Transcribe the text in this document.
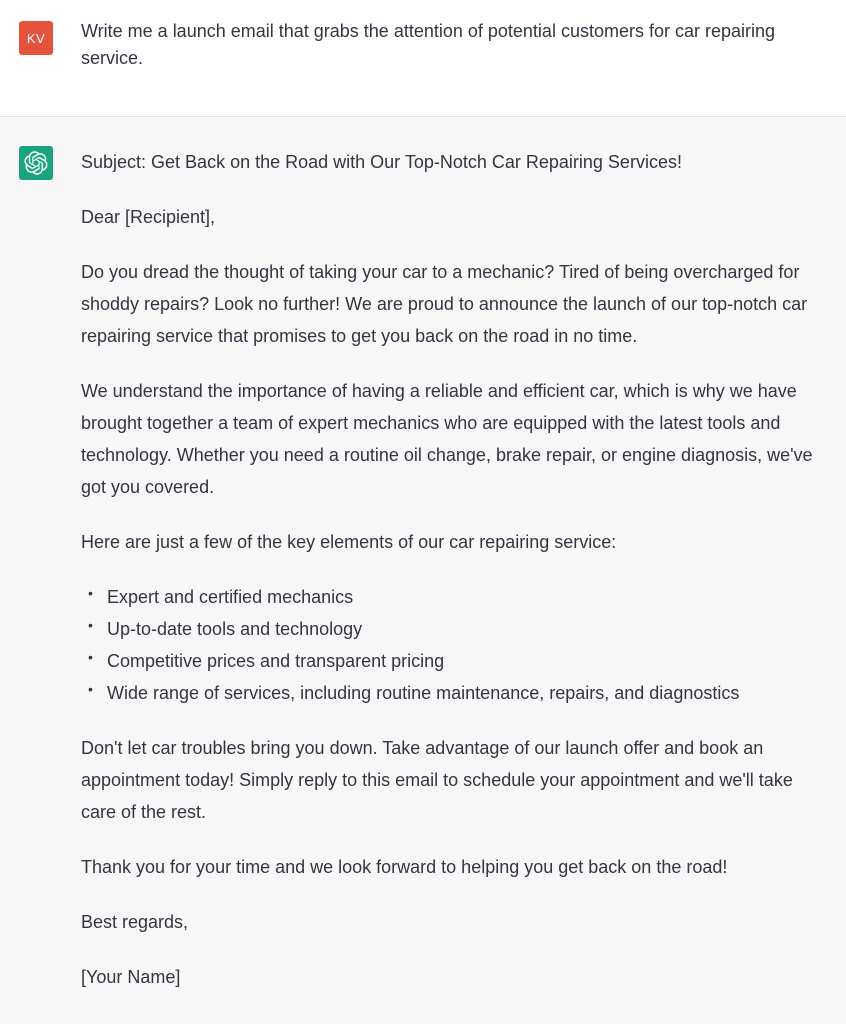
KV Write me a launch email that grabs the attention of potential customers for car repairing service.

Subject: Get Back on the Road with Our Top-Notch Car Repairing Services!

Dear [Recipient],

Do you dread the thought of taking your car to a mechanic? Tired of being overcharged for shoddy repairs? Look no further! We are proud to announce the launch of our top-notch car repairing service that promises to get you back on the road in no time.

We understand the importance of having a reliable and efficient car, which is why we have brought together a team of expert mechanics who are equipped with the latest tools and technology. Whether you need a routine oil change, brake repair, or engine diagnosis, we've got you covered.

Here are just a few of the key elements of our car repairing service:

• Expert and certified mechanics
• Up-to-date tools and technology
• Competitive prices and transparent pricing
• Wide range of services, including routine maintenance, repairs, and diagnostics

Don't let car troubles bring you down. Take advantage of our launch offer and book an appointment today! Simply reply to this email to schedule your appointment and we'll take care of the rest.

Thank you for your time and we look forward to helping you get back on the road!

Best regards,

[Your Name]
